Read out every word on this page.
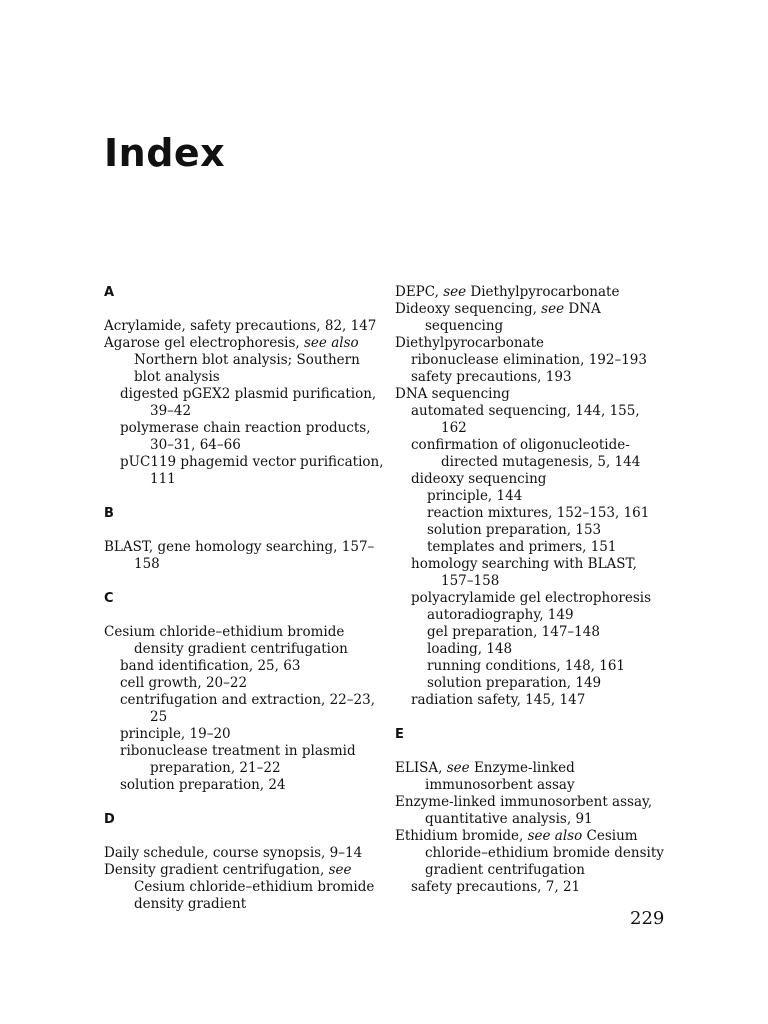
Index
A

Acrylamide, safety precautions, 82, 147

Agarose gel electrophoresis, see also Northern blot analysis; Southern blot analysis

digested pGEX2 plasmid purification, 39–42

polymerase chain reaction products, 30–31, 64–66

pUC119 phagemid vector purification, 111

B

BLAST, gene homology searching, 157–158

C

Cesium chloride–ethidium bromide density gradient centrifugation

band identification, 25, 63

cell growth, 20–22

centrifugation and extraction, 22–23, 25

principle, 19–20

ribonuclease treatment in plasmid preparation, 21–22

solution preparation, 24

D

Daily schedule, course synopsis, 9–14

Density gradient centrifugation, see Cesium chloride–ethidium bromide density gradient

DEPC, see Diethylpyrocarbonate

Dideoxy sequencing, see DNA sequencing

Diethylpyrocarbonate

ribonuclease elimination, 192–193

safety precautions, 193

DNA sequencing

automated sequencing, 144, 155, 162

confirmation of oligonucleotide-directed mutagenesis, 5, 144

dideoxy sequencing

principle, 144

reaction mixtures, 152–153, 161

solution preparation, 153

templates and primers, 151

homology searching with BLAST, 157–158

polyacrylamide gel electrophoresis

autoradiography, 149

gel preparation, 147–148

loading, 148

running conditions, 148, 161

solution preparation, 149

radiation safety, 145, 147

E

ELISA, see Enzyme-linked immunosorbent assay

Enzyme-linked immunosorbent assay, quantitative analysis, 91

Ethidium bromide, see also Cesium chloride–ethidium bromide density gradient centrifugation

safety precautions, 7, 21

229
